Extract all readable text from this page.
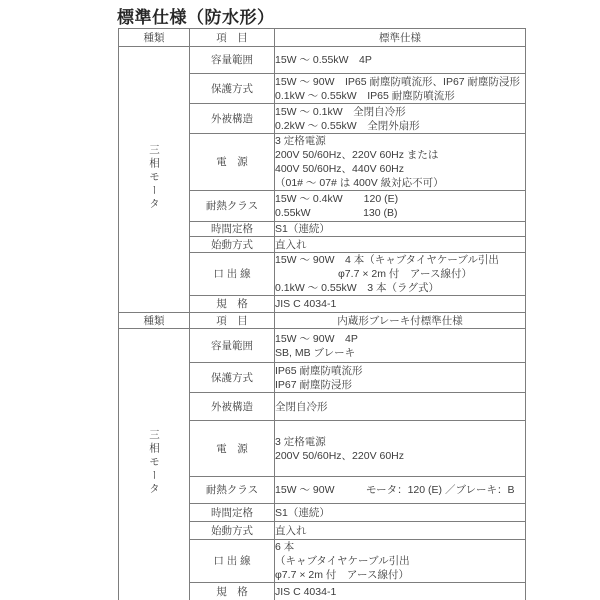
標準仕様（防水形）
種類	項　目	標準仕様
三相モータ	容量範囲	15W ～ 0.55kW　4P

	保護方式	15W ～ 90W　IP65 耐塵防噴流形、IP67 耐塵防浸形
0.1kW ～ 0.55kW　IP65 耐塵防噴流形

	外被構造	15W ～ 0.1kW　全閉自冷形
0.2kW ～ 0.55kW　全閉外扇形

	電　源	3 定格電源
200V 50/60Hz、220V 60Hz または
400V 50/60Hz、440V 60Hz
（01# ～ 07# は 400V 級対応不可）

	耐熱クラス	15W ～ 0.4kW　　120 (E)
0.55kW　　　　　130 (B)

	時間定格	S1（連続）

	始動方式	直入れ

	口 出 線	15W ～ 90W　4 本（キャブタイヤケーブル引出
　　　　　　φ7.7 × 2m 付　アース線付）
0.1kW ～ 0.55kW　3 本（ラグ式）

	規　格	JIS C 4034-1

種類	項　目	内蔵形ブレーキ付標準仕様
三相モータ	容量範囲	15W ～ 90W　4P
SB, MB ブレーキ

	保護方式	IP65 耐塵防噴流形
IP67 耐塵防浸形

	外被構造	全閉自冷形

	電　源	3 定格電源
200V 50/60Hz、220V 60Hz

	耐熱クラス	15W ～ 90W　　　モータ：120 (E) ／ブレーキ：B

	時間定格	S1（連続）

	始動方式	直入れ

	口 出 線	6 本
（キャブタイヤケーブル引出
φ7.7 × 2m 付　アース線付）

	規　格	JIS C 4034-1
